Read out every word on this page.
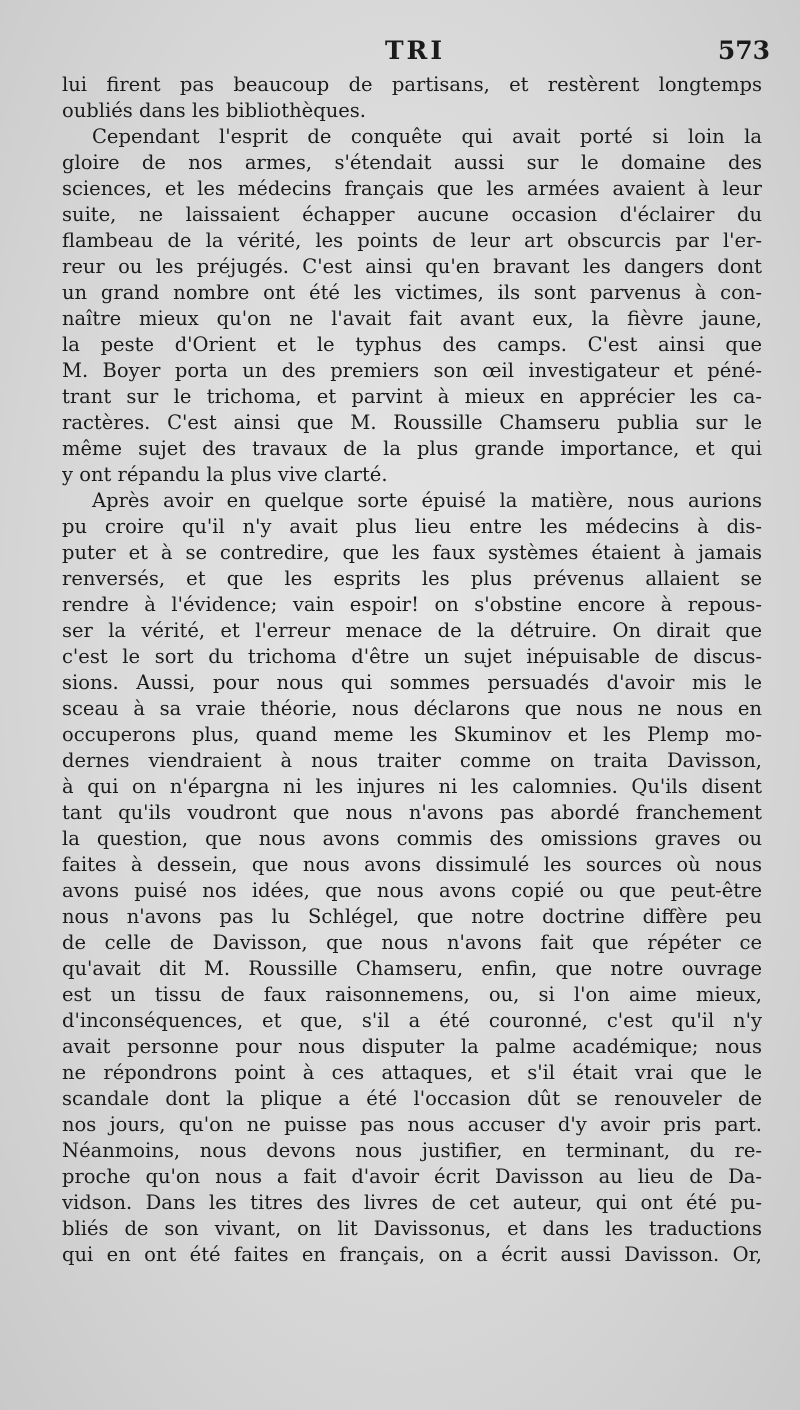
TRI	573
lui firent pas beaucoup de partisans, et restèrent longtemps
oubliés dans les bibliothèques.
Cependant l'esprit de conquête qui avait porté si loin la
gloire de nos armes, s'étendait aussi sur le domaine des
sciences, et les médecins français que les armées avaient à leur
suite, ne laissaient échapper aucune occasion d'éclairer du
flambeau de la vérité, les points de leur art obscurcis par l'er-
reur ou les préjugés. C'est ainsi qu'en bravant les dangers dont
un grand nombre ont été les victimes, ils sont parvenus à con-
naître mieux qu'on ne l'avait fait avant eux, la fièvre jaune,
la peste d'Orient et le typhus des camps. C'est ainsi que
M. Boyer porta un des premiers son œil investigateur et péné-
trant sur le trichoma, et parvint à mieux en apprécier les ca-
ractères. C'est ainsi que M. Roussille Chamseru publia sur le
même sujet des travaux de la plus grande importance, et qui
y ont répandu la plus vive clarté.
Après avoir en quelque sorte épuisé la matière, nous aurions
pu croire qu'il n'y avait plus lieu entre les médecins à dis-
puter et à se contredire, que les faux systèmes étaient à jamais
renversés, et que les esprits les plus prévenus allaient se
rendre à l'évidence; vain espoir! on s'obstine encore à repous-
ser la vérité, et l'erreur menace de la détruire. On dirait que
c'est le sort du trichoma d'être un sujet inépuisable de discus-
sions. Aussi, pour nous qui sommes persuadés d'avoir mis le
sceau à sa vraie théorie, nous déclarons que nous ne nous en
occuperons plus, quand meme les Skuminov et les Plemp mo-
dernes viendraient à nous traiter comme on traita Davisson,
à qui on n'épargna ni les injures ni les calomnies. Qu'ils disent
tant qu'ils voudront que nous n'avons pas abordé franchement
la question, que nous avons commis des omissions graves ou
faites à dessein, que nous avons dissimulé les sources où nous
avons puisé nos idées, que nous avons copié ou que peut-être
nous n'avons pas lu Schlégel, que notre doctrine diffère peu
de celle de Davisson, que nous n'avons fait que répéter ce
qu'avait dit M. Roussille Chamseru, enfin, que notre ouvrage
est un tissu de faux raisonnemens, ou, si l'on aime mieux,
d'inconséquences, et que, s'il a été couronné, c'est qu'il n'y
avait personne pour nous disputer la palme académique; nous
ne répondrons point à ces attaques, et s'il était vrai que le
scandale dont la plique a été l'occasion dût se renouveler de
nos jours, qu'on ne puisse pas nous accuser d'y avoir pris part.
Néanmoins, nous devons nous justifier, en terminant, du re-
proche qu'on nous a fait d'avoir écrit Davisson au lieu de Da-
vidson. Dans les titres des livres de cet auteur, qui ont été pu-
bliés de son vivant, on lit Davissonus, et dans les traductions
qui en ont été faites en français, on a écrit aussi Davisson. Or,
